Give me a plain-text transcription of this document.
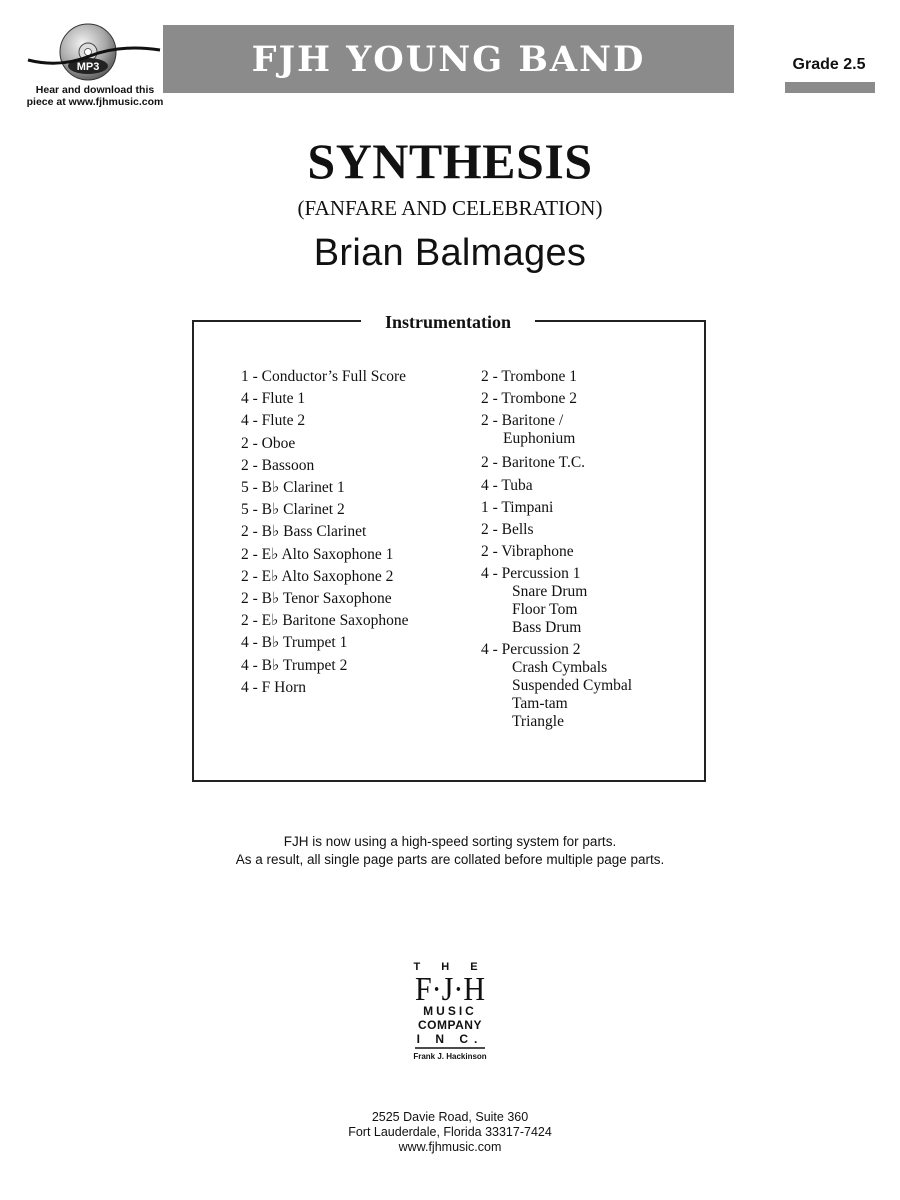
MP3
Hear and download this
piece at www.fjhmusic.com
FJH YOUNG BAND	Grade 2.5
SYNTHESIS
(FANFARE AND CELEBRATION)
Brian Balmages
Instrumentation
1 - Conductor’s Full Score
4 - Flute 1
4 - Flute 2
2 - Oboe
2 - Bassoon
5 - B♭ Clarinet 1
5 - B♭ Clarinet 2
2 - B♭ Bass Clarinet
2 - E♭ Alto Saxophone 1
2 - E♭ Alto Saxophone 2
2 - B♭ Tenor Saxophone
2 - E♭ Baritone Saxophone
4 - B♭ Trumpet 1
4 - B♭ Trumpet 2
4 - F Horn
2 - Trombone 1
2 - Trombone 2
2 - Baritone /
Euphonium
2 - Baritone T.C.
4 - Tuba
1 - Timpani
2 - Bells
2 - Vibraphone
4 - Percussion 1
Snare Drum
Floor Tom
Bass Drum
4 - Percussion 2
Crash Cymbals
Suspended Cymbal
Tam-tam
Triangle
FJH is now using a high-speed sorting system for parts.
As a result, all single page parts are collated before multiple page parts.
T H E
F·J·H
MUSIC
COMPANY
I N C.
Frank J. Hackinson
2525 Davie Road, Suite 360
Fort Lauderdale, Florida 33317-7424
www.fjhmusic.com
